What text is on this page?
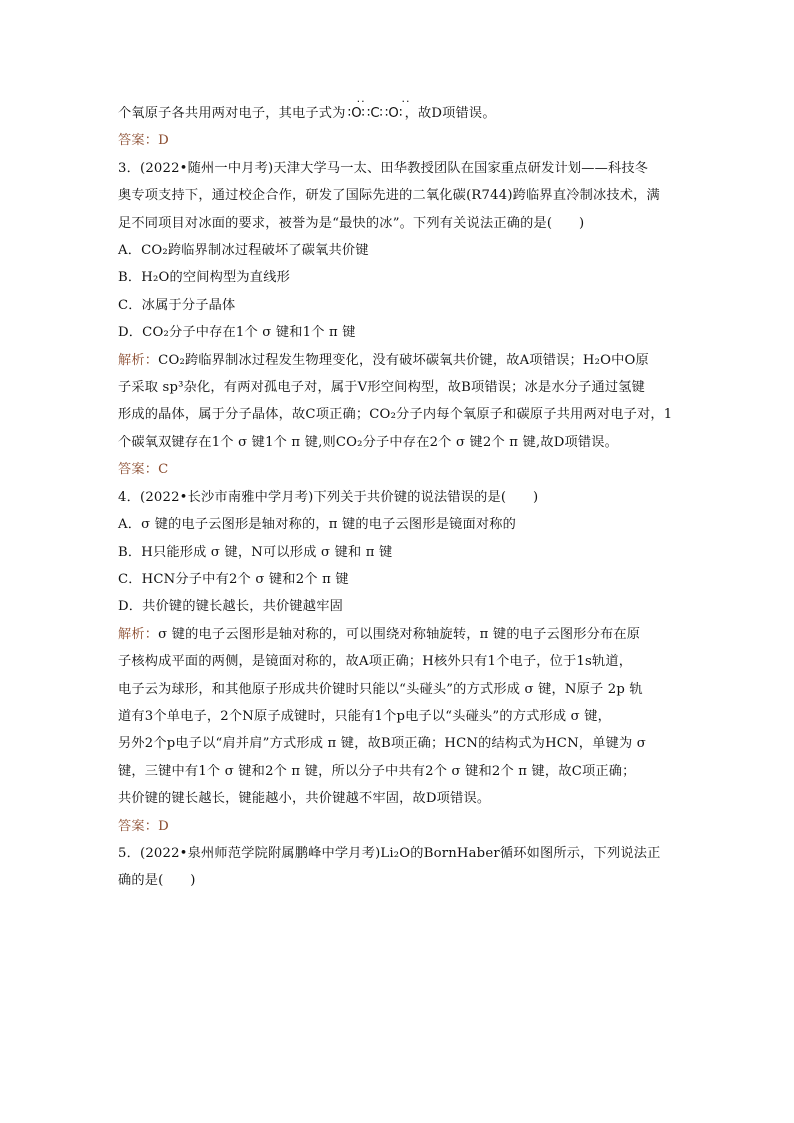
个氧原子各共用两对电子，其电子式为
··        ··
∶O∷C∷O∶ ，故D项错误。
答案：D
3．(2022•随州一中月考)天津大学马一太、田华教授团队在国家重点研发计划——科技冬
奥专项支持下，通过校企合作，研发了国际先进的二氧化碳(R744)跨临界直冷制冰技术，满
足不同项目对冰面的要求，被誉为是“最快的冰”。下列有关说法正确的是(　　)
A．CO₂跨临界制冰过程破坏了碳氧共价键
B．H₂O的空间构型为直线形
C．冰属于分子晶体
D．CO₂分子中存在1个 σ 键和1个 π 键
解析：CO₂跨临界制冰过程发生物理变化，没有破坏碳氧共价键，故A项错误；H₂O中O原
子采取 sp³杂化，有两对孤电子对，属于V形空间构型，故B项错误；冰是水分子通过氢键
形成的晶体，属于分子晶体，故C项正确；CO₂分子内每个氧原子和碳原子共用两对电子对，1
个碳氧双键存在1个 σ 键1个 π 键,则CO₂分子中存在2个 σ 键2个 π 键,故D项错误。
答案：C
4．(2022•长沙市南雅中学月考)下列关于共价键的说法错误的是(　　)
A．σ 键的电子云图形是轴对称的，π 键的电子云图形是镜面对称的
B．H只能形成 σ 键，N可以形成 σ 键和 π 键
C．HCN分子中有2个 σ 键和2个 π 键
D．共价键的键长越长，共价键越牢固
解析：σ 键的电子云图形是轴对称的，可以围绕对称轴旋转，π 键的电子云图形分布在原
子核构成平面的两侧，是镜面对称的，故A项正确；H核外只有1个电子，位于1s轨道，
电子云为球形，和其他原子形成共价键时只能以“头碰头”的方式形成 σ 键，N原子 2p 轨
道有3个单电子，2个N原子成键时，只能有1个p电子以“头碰头”的方式形成 σ 键，
另外2个p电子以“肩并肩”方式形成 π 键，故B项正确；HCN的结构式为HCN，单键为 σ
键，三键中有1个 σ 键和2个 π 键，所以分子中共有2个 σ 键和2个 π 键，故C项正确；
共价键的键长越长，键能越小，共价键越不牢固，故D项错误。
答案：D
5．(2022•泉州师范学院附属鹏峰中学月考)Li₂O的BornHaber循环如图所示，下列说法正
确的是(　　)
